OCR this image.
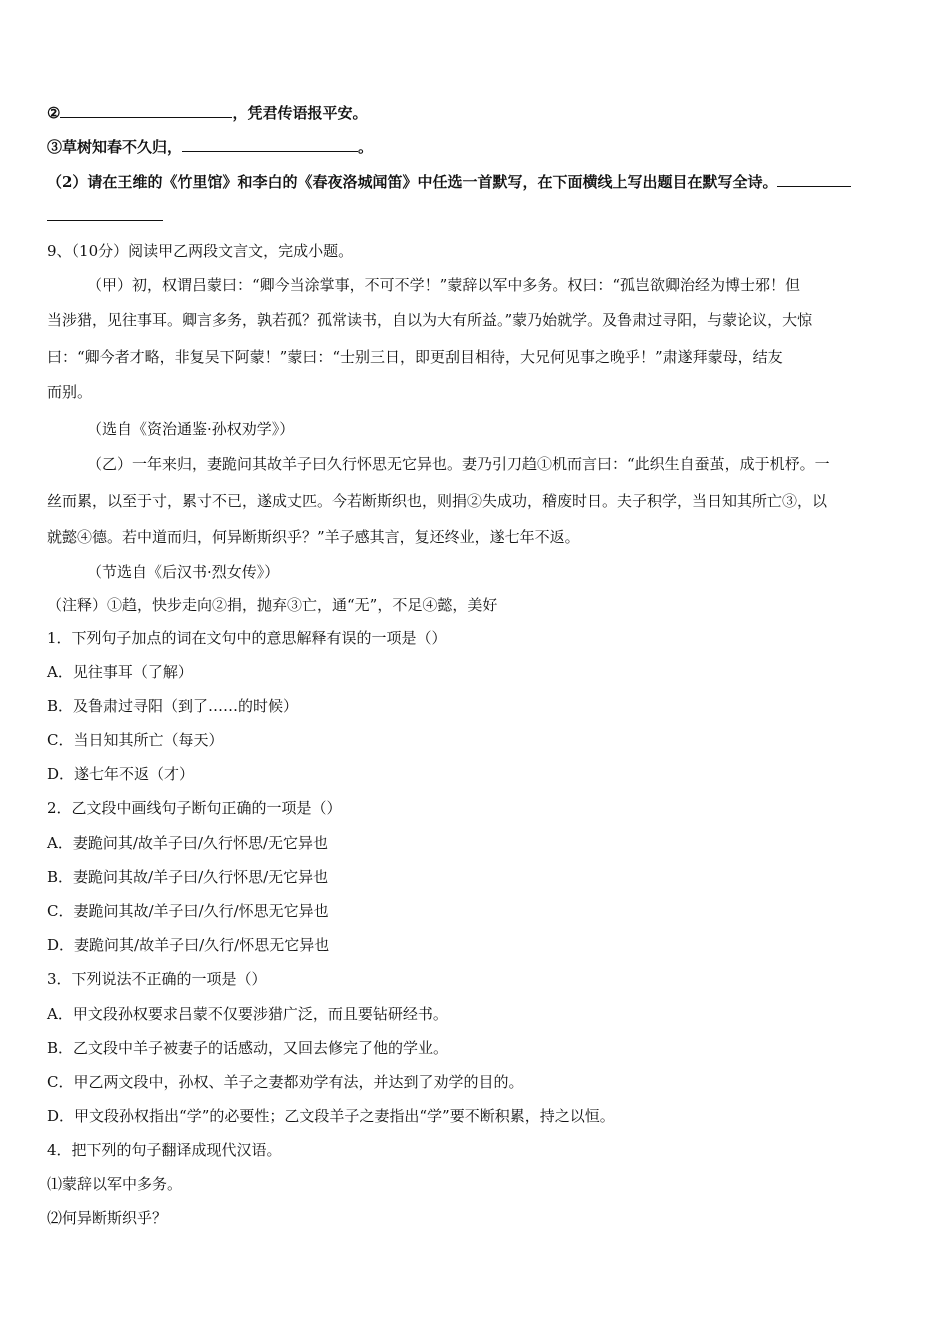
②	，凭君传语报平安。
③草树知春不久归，	。
（2）请在王维的《竹里馆》和李白的《春夜洛城闻笛》中任选一首默写，在下面横线上写出题目在默写全诗。
9、（10分）阅读甲乙两段文言文，完成小题。
（甲）初，权谓吕蒙曰：“卿今当涂掌事，不可不学！”蒙辞以军中多务。权曰：“孤岂欲卿治经为博士邪！但
当涉猎，见往事耳。卿言多务，孰若孤？孤常读书，自以为大有所益。”蒙乃始就学。及鲁肃过寻阳，与蒙论议，大惊
曰：“卿今者才略，非复吴下阿蒙！”蒙曰：“士别三日，即更刮目相待，大兄何见事之晚乎！”肃遂拜蒙母，结友
而别。
（选自《资治通鉴·孙权劝学》）
（乙）一年来归，妻跪问其故羊子曰久行怀思无它异也。妻乃引刀趋①机而言曰：“此织生自蚕茧，成于机杼。一
丝而累，以至于寸，累寸不已，遂成丈匹。今若断斯织也，则捐②失成功，稽废时日。夫子积学，当日知其所亡③，以
就懿④德。若中道而归，何异断斯织乎？”羊子感其言，复还终业，遂七年不返。
（节选自《后汉书·烈女传》）
（注释）①趋，快步走向②捐，抛弃③亡，通“无”，不足④懿，美好
1．下列句子加点的词在文句中的意思解释有误的一项是（）
A．见往事耳（了解）
B．及鲁肃过寻阳（到了……的时候）
C．当日知其所亡（每天）
D．遂七年不返（才）
2．乙文段中画线句子断句正确的一项是（）
A．妻跪问其/故羊子曰/久行怀思/无它异也
B．妻跪问其故/羊子曰/久行怀思/无它异也
C．妻跪问其故/羊子曰/久行/怀思无它异也
D．妻跪问其/故羊子曰/久行/怀思无它异也
3．下列说法不正确的一项是（）
A．甲文段孙权要求吕蒙不仅要涉猎广泛，而且要钻研经书。
B．乙文段中羊子被妻子的话感动，又回去修完了他的学业。
C．甲乙两文段中，孙权、羊子之妻都劝学有法，并达到了劝学的目的。
D．甲文段孙权指出“学”的必要性；乙文段羊子之妻指出“学”要不断积累，持之以恒。
4．把下列的句子翻译成现代汉语。
⑴蒙辞以军中多务。
⑵何异断斯织乎？
